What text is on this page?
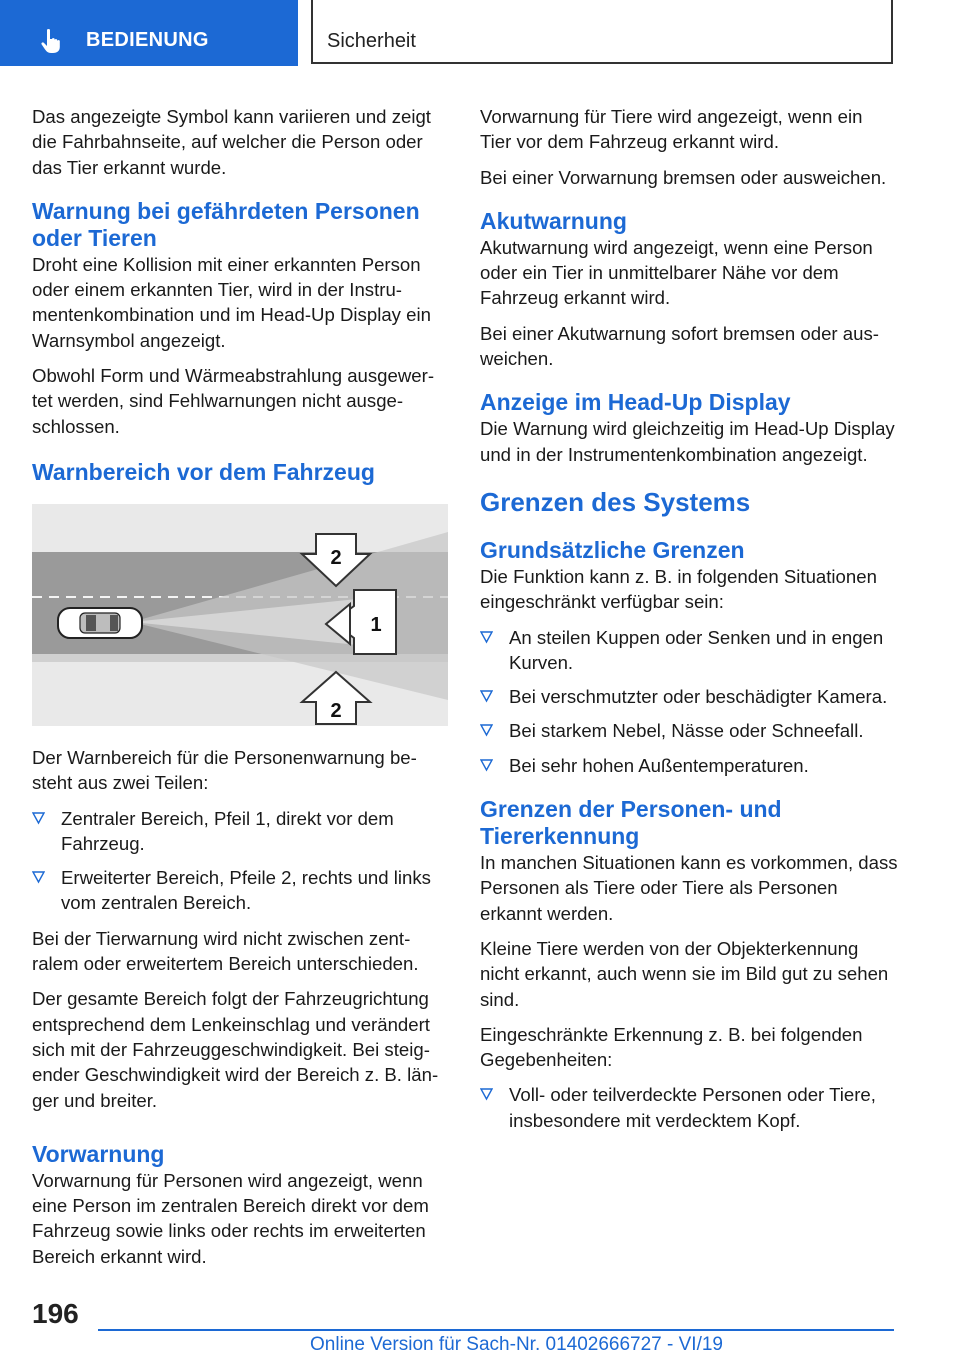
BEDIENUNG	Sicherheit

Das angezeigte Symbol kann variieren und zeigt die Fahrbahnseite, auf welcher die Person oder das Tier erkannt wurde.

Warnung bei gefährdeten Personen oder Tieren

Droht eine Kollision mit einer erkannten Person oder einem erkannten Tier, wird in der Instrumentenkombination und im Head-Up Display ein Warnsymbol angezeigt.

Obwohl Form und Wärmeabstrahlung ausgewertet werden, sind Fehlwarnungen nicht ausgeschlossen.

Warnbereich vor dem Fahrzeug
2
1
2

Der Warnbereich für die Personenwarnung besteht aus zwei Teilen:

Zentraler Bereich, Pfeil 1, direkt vor dem Fahrzeug.
Erweiterter Bereich, Pfeile 2, rechts und links vom zentralen Bereich.

Bei der Tierwarnung wird nicht zwischen zentralem oder erweitertem Bereich unterschieden.

Der gesamte Bereich folgt der Fahrzeugrichtung entsprechend dem Lenkeinschlag und verändert sich mit der Fahrzeuggeschwindigkeit. Bei steigender Geschwindigkeit wird der Bereich z. B. länger und breiter.

Vorwarnung

Vorwarnung für Personen wird angezeigt, wenn eine Person im zentralen Bereich direkt vor dem Fahrzeug sowie links oder rechts im erweiterten Bereich erkannt wird.

Vorwarnung für Tiere wird angezeigt, wenn ein Tier vor dem Fahrzeug erkannt wird.

Bei einer Vorwarnung bremsen oder ausweichen.

Akutwarnung

Akutwarnung wird angezeigt, wenn eine Person oder ein Tier in unmittelbarer Nähe vor dem Fahrzeug erkannt wird.

Bei einer Akutwarnung sofort bremsen oder ausweichen.

Anzeige im Head-Up Display

Die Warnung wird gleichzeitig im Head-Up Display und in der Instrumentenkombination angezeigt.

Grenzen des Systems
Grundsätzliche Grenzen

Die Funktion kann z. B. in folgenden Situationen eingeschränkt verfügbar sein:

An steilen Kuppen oder Senken und in engen Kurven.
Bei verschmutzter oder beschädigter Kamera.
Bei starkem Nebel, Nässe oder Schneefall.
Bei sehr hohen Außentemperaturen.
Grenzen der Personen- und Tiererkennung

In manchen Situationen kann es vorkommen, dass Personen als Tiere oder Tiere als Personen erkannt werden.

Kleine Tiere werden von der Objekterkennung nicht erkannt, auch wenn sie im Bild gut zu sehen sind.

Eingeschränkte Erkennung z. B. bei folgenden Gegebenheiten:

Voll- oder teilverdeckte Personen oder Tiere, insbesondere mit verdecktem Kopf.
196
Online Version für Sach-Nr. 01402666727 - VI/19
